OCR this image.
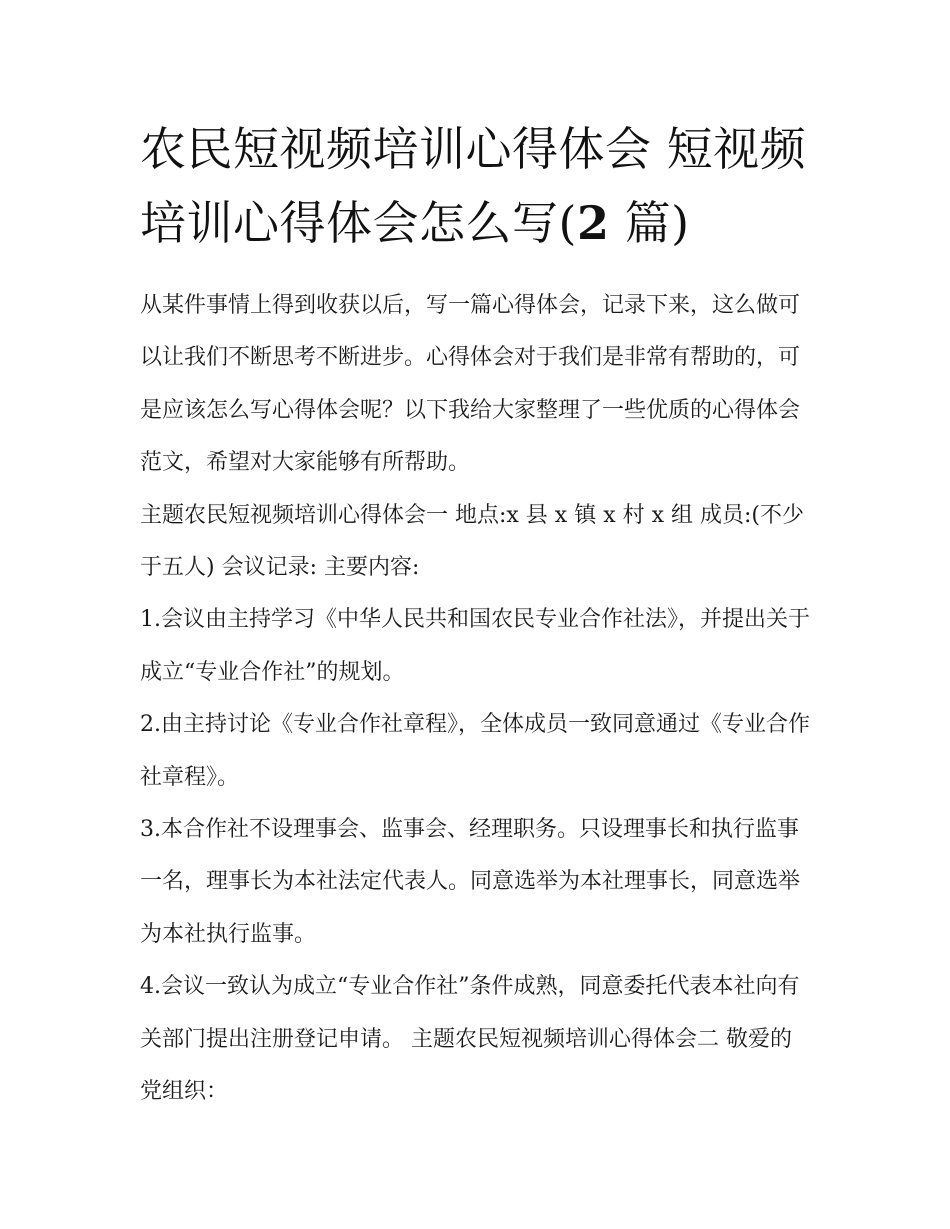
农民短视频培训心得体会 短视频培训心得体会怎么写(2 篇)

从某件事情上得到收获以后，写一篇心得体会，记录下来，这么做可以让我们不断思考不断进步。心得体会对于我们是非常有帮助的，可是应该怎么写心得体会呢？以下我给大家整理了一些优质的心得体会范文，希望对大家能够有所帮助。

主题农民短视频培训心得体会一 地点:x 县 x 镇 x 村 x 组 成员:(不少于五人) 会议记录: 主要内容:

1.会议由主持学习《中华人民共和国农民专业合作社法》，并提出关于成立“专业合作社”的规划。

2.由主持讨论《专业合作社章程》，全体成员一致同意通过《专业合作社章程》。

3.本合作社不设理事会、监事会、经理职务。只设理事长和执行监事一名，理事长为本社法定代表人。同意选举为本社理事长，同意选举为本社执行监事。

4.会议一致认为成立“专业合作社”条件成熟，同意委托代表本社向有关部门提出注册登记申请。 主题农民短视频培训心得体会二 敬爱的党组织：
